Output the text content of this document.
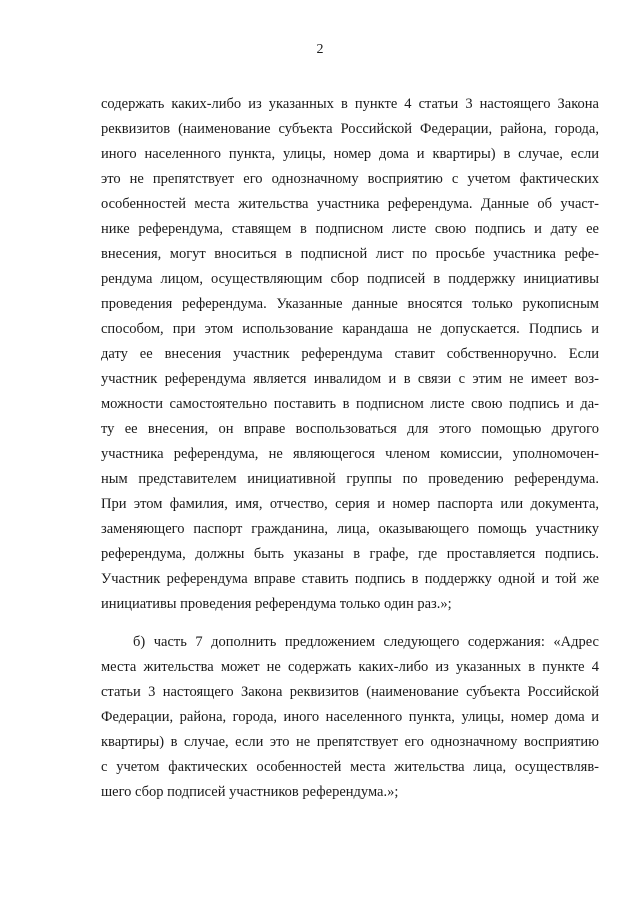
2
содержать каких-либо из указанных в пункте 4 статьи 3 настоящего Закона
реквизитов (наименование субъекта Российской Федерации, района, города,
иного населенного пункта, улицы, номер дома и квартиры) в случае, если
это не препятствует его однозначному восприятию с учетом фактических
особенностей места жительства участника референдума. Данные об участ-
нике референдума, ставящем в подписном листе свою подпись и дату ее
внесения, могут вноситься в подписной лист по просьбе участника рефе-
рендума лицом, осуществляющим сбор подписей в поддержку инициативы
проведения референдума. Указанные данные вносятся только рукописным
способом, при этом использование карандаша не допускается. Подпись и
дату ее внесения участник референдума ставит собственноручно. Если
участник референдума является инвалидом и в связи с этим не имеет воз-
можности самостоятельно поставить в подписном листе свою подпись и да-
ту ее внесения, он вправе воспользоваться для этого помощью другого
участника референдума, не являющегося членом комиссии, уполномочен-
ным представителем инициативной группы по проведению референдума.
При этом фамилия, имя, отчество, серия и номер паспорта или документа,
заменяющего паспорт гражданина, лица, оказывающего помощь участнику
референдума, должны быть указаны в графе, где проставляется подпись.
Участник референдума вправе ставить подпись в поддержку одной и той же
инициативы проведения референдума только один раз.»;
б) часть 7 дополнить предложением следующего содержания: «Адрес
места жительства может не содержать каких-либо из указанных в пункте 4
статьи 3 настоящего Закона реквизитов (наименование субъекта Российской
Федерации, района, города, иного населенного пункта, улицы, номер дома и
квартиры) в случае, если это не препятствует его однозначному восприятию
с учетом фактических особенностей места жительства лица, осуществляв-
шего сбор подписей участников референдума.»;
